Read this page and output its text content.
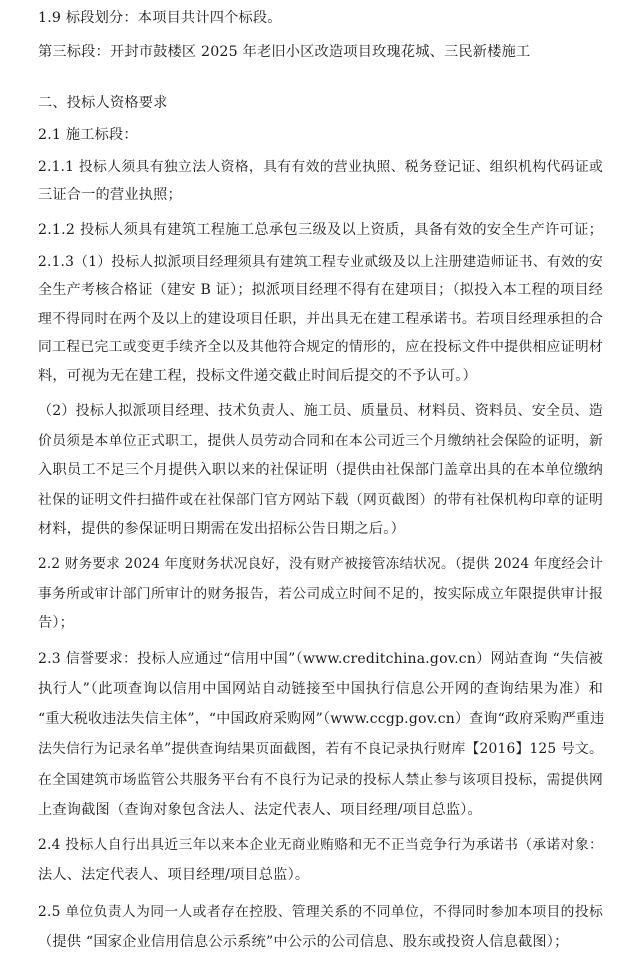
1.9 标段划分：本项目共计四个标段。
第三标段：开封市鼓楼区 2025 年老旧小区改造项目玫瑰花城、三民新楼施工
二、投标人资格要求
2.1 施工标段：
2.1.1 投标人须具有独立法人资格，具有有效的营业执照、税务登记证、组织机构代码证或
三证合一的营业执照；
2.1.2 投标人须具有建筑工程施工总承包三级及以上资质，具备有效的安全生产许可证；
2.1.3（1）投标人拟派项目经理须具有建筑工程专业贰级及以上注册建造师证书、有效的安
全生产考核合格证（建安 B 证）；拟派项目经理不得有在建项目；（拟投入本工程的项目经
理不得同时在两个及以上的建设项目任职，并出具无在建工程承诺书。若项目经理承担的合
同工程已完工或变更手续齐全以及其他符合规定的情形的，应在投标文件中提供相应证明材
料，可视为无在建工程，投标文件递交截止时间后提交的不予认可。）
（2）投标人拟派项目经理、技术负责人、施工员、质量员、材料员、资料员、安全员、造
价员须是本单位正式职工，提供人员劳动合同和在本公司近三个月缴纳社会保险的证明，新
入职员工不足三个月提供入职以来的社保证明（提供由社保部门盖章出具的在本单位缴纳
社保的证明文件扫描件或在社保部门官方网站下载（网页截图）的带有社保机构印章的证明
材料，提供的参保证明日期需在发出招标公告日期之后。）
2.2 财务要求 2024 年度财务状况良好，没有财产被接管冻结状况。（提供 2024 年度经会计
事务所或审计部门所审计的财务报告，若公司成立时间不足的，按实际成立年限提供审计报
告）；
2.3 信誉要求：投标人应通过“信用中国”（www.creditchina.gov.cn）网站查询 “失信被
执行人”（此项查询以信用中国网站自动链接至中国执行信息公开网的查询结果为准）和
“重大税收违法失信主体”，“中国政府采购网”（www.ccgp.gov.cn）查询“政府采购严重违
法失信行为记录名单”提供查询结果页面截图，若有不良记录执行财库【2016】125 号文。
在全国建筑市场监管公共服务平台有不良行为记录的投标人禁止参与该项目投标，需提供网
上查询截图（查询对象包含法人、法定代表人、项目经理/项目总监）。
2.4 投标人自行出具近三年以来本企业无商业贿赂和无不正当竞争行为承诺书（承诺对象：
法人、法定代表人、项目经理/项目总监）。
2.5 单位负责人为同一人或者存在控股、管理关系的不同单位，不得同时参加本项目的投标
（提供 “国家企业信用信息公示系统”中公示的公司信息、股东或投资人信息截图）；
